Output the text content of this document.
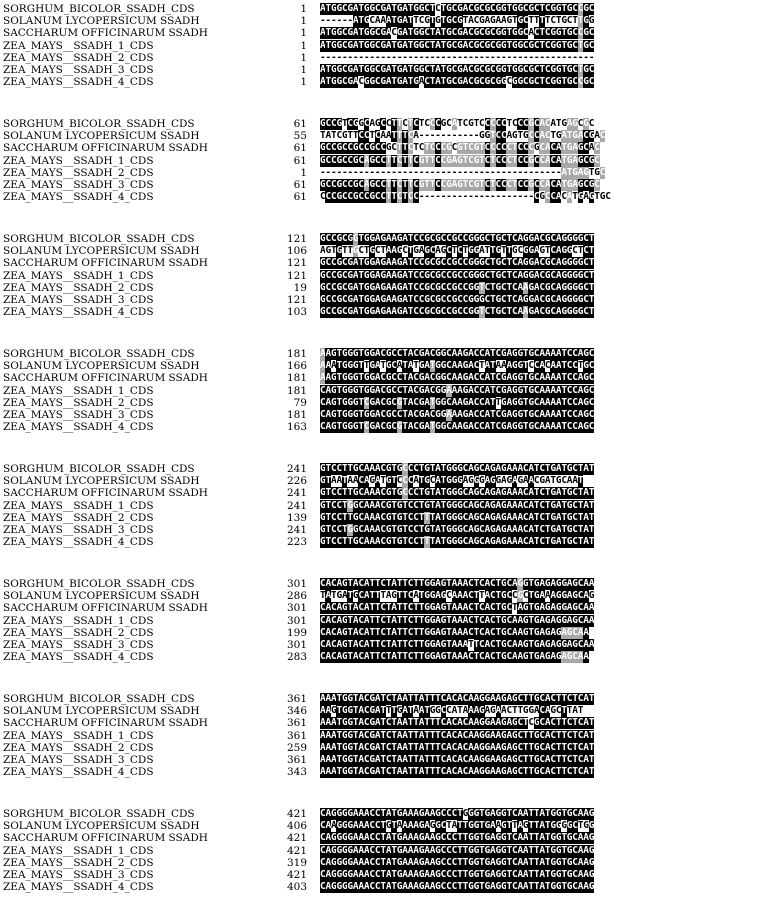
SORGHUM_BICOLOR_SSADH_CDS	1 ATGGCGATGGCGATGATGGCTCTGCGACGCGCGGTGGCGCTCGGTGCCGC
SOLANUM LYCOPERSICUM SSADH	1 ------ATGCAAATGATTCGTGTGCGTACGAGAAGTGCTTTTCTGCTTGG
SACCHARUM OFFICINARUM SSADH	1 ATGGCGATGGCGACGATGGCTATGCGACGCGCGGTGGCACTCGGTGCCGC
ZEA_MAYS__SSADH_1_CDS	1 ATGGCGATGGCGATGATGGCTATGCGACGCGCGGTGGCGCTCGGTGCTGC
ZEA_MAYS__SSADH_2_CDS	1 --------------------------------------------------
ZEA_MAYS__SSADH_3_CDS	1 ATGGCGATGGCGATGATGGCTATGCGACGCGCGGTGGCGCTCGGTGCTGC
ZEA_MAYS__SSADH_4_CDS	1 ATGGCGACGGCGATGATGACTATGCGACGCGCGGCGGCGCTCGGTGCCGC
SORGHUM_BICOLOR_SSADH_CDS	61 GCCGTCGGCAGCCTTCTCTCCCGCATCGTCCCCCTCCCGCACATGAGCGC
SOLANUM LYCOPERSICUM SSADH	55 TATCGTTCCTCAATTTCA-----------GGTCCAGTGCCACTGATGACGAC
SACCHARUM OFFICINARUM SSADH	61 GCCGCCGCCGCCGCTTCTCTCCCGCGTCGTCCCCCTCCCGCACATGAGCAC
ZEA_MAYS__SSADH_1_CDS	61 GCCGCCGCAGCCTTCTTCGTTCCGAGTCGTCTCCCTCCGCCACATGAGCGC
ZEA_MAYS__SSADH_2_CDS	1 --------------------------------------------ATGAGTGC
ZEA_MAYS__SSADH_3_CDS	61 GCCGCCGCAGCCTTCTTCGTTCCGAGTCGTCTCCCTCCGCCACATGAGCGC
ZEA_MAYS__SSADH_4_CDS	61 CCCGCCGCCGCCTTCTCC---------------------CGCCACATGAGTGC
SORGHUM_BICOLOR_SSADH_CDS	121 GCCGCGGTGGAGAAGATCCGCGCCGCCGGGCTGCTCAGGACGCAGGGGCT
SOLANUM LYCOPERSICUM SSADH	106 AGTGTTGCTGCTAAGCTGAGCAGCTCTGGATTGTTGCGGAGTCAGGCTCT
SACCHARUM OFFICINARUM SSADH	121 GCCGCGATGGAGAAGATCCGCGCCGCCGGGCTGCTCAGGACGCAGGGGCT
ZEA_MAYS__SSADH_1_CDS	121 GCCGCGATGGAGAAGATCCGCGCCGCCGGGCTGCTCAGGACGCAGGGGCT
ZEA_MAYS__SSADH_2_CDS	19 GCCGCGATGGAGAAGATCCGCGCCGCCGGTCTGCTCAAGACGCAGGGGCT
ZEA_MAYS__SSADH_3_CDS	121 GCCGCGATGGAGAAGATCCGCGCCGCCGGGCTGCTCAGGACGCAGGGGCT
ZEA_MAYS__SSADH_4_CDS	103 GCCGCGATGGAGAAGATCCGCGCCGCCGGTCTGCTCAAGACGCAGGGGCT
SORGHUM_BICOLOR_SSADH_CDS	181 AAGTGGGTGGACGCCTACGACGGCAAGACCATCGAGGTGCAAAATCCAGC
SOLANUM LYCOPERSICUM SSADH	166 AAATGGGTTGATGCATATGATGGCAAGACTATAAAGGTCCACAATCCTGC
SACCHARUM OFFICINARUM SSADH	181 AAGTGGGTGGACGCCTACGACGGCAAGACCATCGAGGTGCAAAATCCAGC
ZEA_MAYS__SSADH_1_CDS	181 CAGTGGGTGGACGCCTACGACGGAAAGACCATCGAGGTGCAAAATCCAGC
ZEA_MAYS__SSADH_2_CDS	79 CAGTGGGTCGACGCGTACGATGGCAAGACCATTGAGGTGCAAAATCCAGC
ZEA_MAYS__SSADH_3_CDS	181 CAGTGGGTGGACGCCTACGACGGAAAGACCATCGAGGTGCAAAATCCAGC
ZEA_MAYS__SSADH_4_CDS	163 CAGTGGGTCGACGCGTACGATGGCAAGACCATCGAGGTGCAAAATCCAGC
SORGHUM_BICOLOR_SSADH_CDS	241 GTCCTTGCAAACGTGCCCTGTATGGGCAGCAGAGAAACATCTGATGCTAT
SOLANUM LYCOPERSICUM SSADH	226 GTAATAACAGATGTCCCATGCATGGGAGGGAGGAGAGAACGATGCAAT
SACCHARUM OFFICINARUM SSADH	241 GTCCTTGCAAACGTGCCCTGTATGGGCAGCAGAGAAACATCTGATGCTAT
ZEA_MAYS__SSADH_1_CDS	241 GTCCTGGCAAACGTGTCCTGTATGGGCAGCAGAGAAACATCTGATGCTAT
ZEA_MAYS__SSADH_2_CDS	139 GTCCTTGCAAACGTGTCCTTTATGGGCAGCAGAGAAACATCTGATGCTAT
ZEA_MAYS__SSADH_3_CDS	241 GTCCTGGCAAACGTGTCCTGTATGGGCAGCAGAGAAACATCTGATGCTAT
ZEA_MAYS__SSADH_4_CDS	223 GTCCTTGCAAACGTGTCCTTTATGGGCAGCAGAGAAACATCTGATGCTAT
SORGHUM_BICOLOR_SSADH_CDS	301 CACAGTACATTCTATTCTTGGAGTAAACTCACTGCAGGTGAGAGGAGCAA
SOLANUM LYCOPERSICUM SSADH	286 TATGATGCATTTAGTTCATGGAGCAAACTTACTGCCGCTGAAAGGAGCAG
SACCHARUM OFFICINARUM SSADH	301 CACAGTACATTCTATTCTTGGAGTAAACTCACTGCTAGTGAGAGGAGCAA
ZEA_MAYS__SSADH_1_CDS	301 CACAGTACATTCTATTCTTGGAGTAAACTCACTGCAAGTGAGAGGAGCAA
ZEA_MAYS__SSADH_2_CDS	199 CACAGTACATTCTATTCTTGGAGTAAACTCACTGCAAGTGAGAGAGCAA
ZEA_MAYS__SSADH_3_CDS	301 CACAGTACATTCTATTCTTGGAGTAAATTCACTGCAAGTGAGAGGAGCAA
ZEA_MAYS__SSADH_4_CDS	283 CACAGTACATTCTATTCTTGGAGTAAACTCACTGCAAGTGAGAGAGCAA
SORGHUM_BICOLOR_SSADH_CDS	361 AAATGGTACGATCTAATTATTTCACACAAGGAAGAGCTTGCACTTCTCAT
SOLANUM LYCOPERSICUM SSADH	346 AAGTGGTACGATTTGATAATGGCCATAAAGAGAACTTGGACAGCTTAT
SACCHARUM OFFICINARUM SSADH	361 AAATGGTACGATCTAATTATTTCACACAAGGAAGAGCTCGCACTTCTCAT
ZEA_MAYS__SSADH_1_CDS	361 AAATGGTACGATCTAATTATTTCACACAAGGAAGAGCTTGCACTTCTCAT
ZEA_MAYS__SSADH_2_CDS	259 AAATGGTACGATCTAATTATTTCACACAAGGAAGAGCTTGCACTTCTCAT
ZEA_MAYS__SSADH_3_CDS	361 AAATGGTACGATCTAATTATTTCACACAAGGAAGAGCTTGCACTTCTCAT
ZEA_MAYS__SSADH_4_CDS	343 AAATGGTACGATCTAATTATTTCACACAAGGAAGAGCTTGCACTTCTCAT
SORGHUM_BICOLOR_SSADH_CDS	421 CAGGGGAAACCTATGAAAGAAGCCCTGGGTGAGGTCAATTATGGTGCAAG
SOLANUM LYCOPERSICUM SSADH	406 CAAGGGAAACCTGTAAAAGAGGCTATTGGTGAAGTTAGTTATGGGGCTGG
SACCHARUM OFFICINARUM SSADH	421 CAGGGGAAACCTATGAAAGAAGCCCTTGGTGAGGTCAATTATGGTGCAAG
ZEA_MAYS__SSADH_1_CDS	421 CAGGGGAAACCTATGAAAGAAGCCCTTGGTGAGGTCAATTATGGTGCAAG
ZEA_MAYS__SSADH_2_CDS	319 CAGGGGAAACCTATGAAAGAAGCCCTTGGTGAGGTCAATTATGGTGCAAG
ZEA_MAYS__SSADH_3_CDS	421 CAGGGGAAACCTATGAAAGAAGCCCTTGGTGAGGTCAATTATGGTGCAAG
ZEA_MAYS__SSADH_4_CDS	403 CAGGGGAAACCTATGAAAGAAGCCCTTGGTGAGGTCAATTATGGTGCAAG
